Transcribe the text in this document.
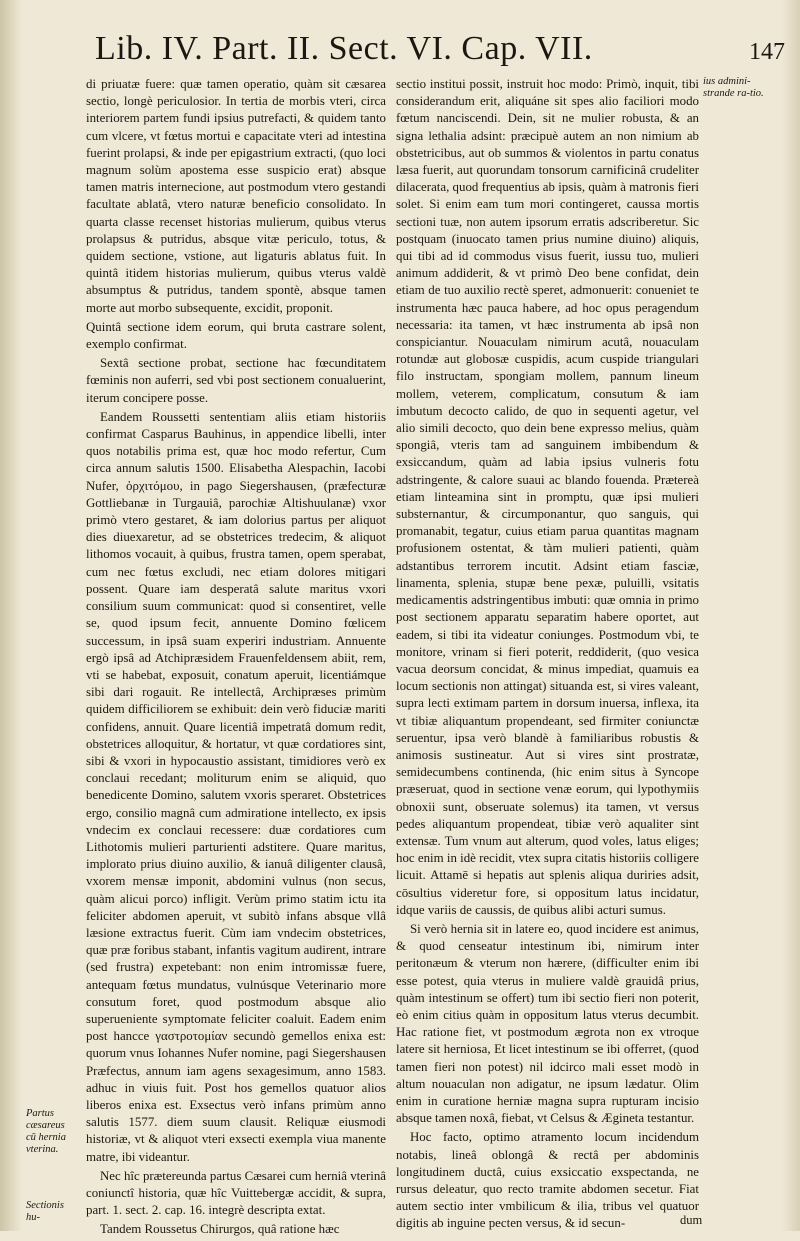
Lib. IV. Part. II. Sect. VI. Cap. VII.	147

di priuatæ fuere: quæ tamen operatio, quàm sit cæsarea sectio, longè periculosior. In tertia de morbis vteri, circa interiorem partem fundi ipsius putrefacti, & quidem tanto cum vlcere, vt fœtus mortui e capacitate vteri ad intestina fuerint prolapsi, & inde per epigastrium extracti, (quo loci magnum solùm apostema esse suspicio erat) absque tamen matris internecione, aut postmodum vtero gestandi facultate ablatâ, vtero naturæ beneficio consolidato. In quarta classe recenset historias mulierum, quibus vterus prolapsus & putridus, absque vitæ periculo, totus, & quidem sectione, vstione, aut ligaturis ablatus fuit. In quintâ itidem historias mulierum, quibus vterus valdè absumptus & putridus, tandem spontè, absque tamen morte aut morbo subsequente, excidit, proponit.

Quintâ sectione idem eorum, qui bruta castrare solent, exemplo confirmat.

Sextâ sectione probat, sectione hac fœcunditatem fœminis non auferri, sed vbi post sectionem conualuerint, iterum concipere posse.

Eandem Roussetti sententiam aliis etiam historiis confirmat Casparus Bauhinus, in appendice libelli, inter quos notabilis prima est, quæ hoc modo refertur, Cum circa annum salutis 1500. Elisabetha Alespachin, Iacobi Nufer, ὀρχιτόμου, in pago Siegershausen, (præfecturæ Gottliebanæ in Turgauiâ, parochiæ Altishuulanæ) vxor primò vtero gestaret, & iam dolorius partus per aliquot dies diuexaretur, ad se obstetrices tredecim, & aliquot lithomos vocauit, à quibus, frustra tamen, opem sperabat, cum nec fœtus excludi, nec etiam dolores mitigari possent. Quare iam desperatâ salute maritus vxori consilium suum communicat: quod si consentiret, velle se, quod ipsum fecit, annuente Domino fœlicem successum, in ipsâ suam experiri industriam. Annuente ergò ipsâ ad Atchipræsidem Frauenfeldensem abiit, rem, vti se habebat, exposuit, conatum aperuit, licentiámque sibi dari rogauit. Re intellectâ, Archipræses primùm quidem difficiliorem se exhibuit: dein verò fiduciæ mariti confidens, annuit. Quare licentiâ impetratâ domum redit, obstetrices alloquitur, & hortatur, vt quæ cordatiores sint, sibi & vxori in hypocaustio assistant, timidiores verò ex conclaui recedant; moliturum enim se aliquid, quo benedicente Domino, salutem vxoris speraret. Obstetrices ergo, consilio magnâ cum admiratione intellecto, ex ipsis vndecim ex conclaui recessere: duæ cordatiores cum Lithotomis mulieri parturienti adstitere. Quare maritus, implorato prius diuino auxilio, & ianuâ diligenter clausâ, vxorem mensæ imponit, abdomini vulnus (non secus, quàm alicui porco) infligit. Verùm primo statim ictu ita feliciter abdomen aperuit, vt subitò infans absque vllâ læsione extractus fuerit. Cùm iam vndecim obstetrices, quæ præ foribus stabant, infantis vagitum audirent, intrare (sed frustra) expetebant: non enim intromissæ fuere, antequam fœtus mundatus, vulnúsque Veterinario more consutum foret, quod postmodum absque alio superueniente symptomate feliciter coaluit. Eadem enim post hancce γαστροτομίαν secundò gemellos enixa est: quorum vnus Iohannes Nufer nomine, pagi Siegershausen Præfectus, annum iam agens sexagesimum, anno 1583. adhuc in viuis fuit. Post hos gemellos quatuor alios liberos enixa est. Exsectus verò infans primùm anno salutis 1577. diem suum clausit. Reliquæ eiusmodi historiæ, vt & aliquot vteri exsecti exempla viua manente matre, ibi videantur.

Nec hîc prætereunda partus Cæsarei cum herniâ vterinâ coniunctî historia, quæ hîc Vuittebergæ accidit, & supra, part. 1. sect. 2. cap. 16. integrè descripta extat.

Tandem Roussetus Chirurgos, quâ ratione hæc

sectio institui possit, instruit hoc modo: Primò, inquit, tibi considerandum erit, aliquáne sit spes alio faciliori modo fœtum nanciscendi. Dein, sit ne mulier robusta, & an signa lethalia adsint: præcipuè autem an non nimium ab obstetricibus, aut ob summos & violentos in partu conatus læsa fuerit, aut quorundam tonsorum carnificinâ crudeliter dilacerata, quod frequentius ab ipsis, quàm à matronis fieri solet. Si enim eam tum mori contingeret, caussa mortis sectioni tuæ, non autem ipsorum erratis adscriberetur. Sic postquam (inuocato tamen prius numine diuino) aliquis, qui tibi ad id commodus visus fuerit, iussu tuo, mulieri animum addiderit, & vt primò Deo bene confidat, dein etiam de tuo auxilio rectè speret, admonuerit: conueniet te instrumenta hæc pauca habere, ad hoc opus peragendum necessaria: ita tamen, vt hæc instrumenta ab ipsâ non conspiciantur. Nouaculam nimirum acutâ, nouaculam rotundæ aut globosæ cuspidis, acum cuspide triangulari filo instructam, spongiam mollem, pannum lineum mollem, veterem, complicatum, consutum & iam imbutum decocto calido, de quo in sequenti agetur, vel alio simili decocto, quo dein bene expresso melius, quàm spongiâ, vteris tam ad sanguinem imbibendum & exsiccandum, quàm ad labia ipsius vulneris fotu adstringente, & calore suaui ac blando fouenda. Prætereà etiam linteamina sint in promptu, quæ ipsi mulieri substernantur, & circumponantur, quo sanguis, qui promanabit, tegatur, cuius etiam parua quantitas magnam profusionem ostentat, & tàm mulieri patienti, quàm adstantibus terrorem incutit. Adsint etiam fasciæ, linamenta, splenia, stupæ bene pexæ, puluilli, vsitatis medicamentis adstringentibus imbuti: quæ omnia in primo post sectionem apparatu separatim habere oportet, aut eadem, si tibi ita videatur coniunges. Postmodum vbi, te monitore, vrinam si fieri poterit, reddiderit, (quo vesica vacua deorsum concidat, & minus impediat, quamuis ea locum sectionis non attingat) situanda est, si vires valeant, supra lecti extimam partem in dorsum inuersa, inflexa, ita vt tibiæ aliquantum propendeant, sed firmiter coniunctæ seruentur, ipsa verò blandè à familiaribus robustis & animosis sustineatur. Aut si vires sint prostratæ, semidecumbens continenda, (hic enim situs à Syncope præseruat, quod in sectione venæ eorum, qui lypothymiis obnoxii sunt, obseruate solemus) ita tamen, vt versus pedes aliquantum propendeat, tibiæ verò aqualiter sint extensæ. Tum vnum aut alterum, quod voles, latus eliges; hoc enim in idè recidit, vtex supra citatis historiis colligere licuit. Attamē si hepatis aut splenis aliqua duriries adsit, cōsultius videretur fore, si oppositum latus incidatur, idque variis de caussis, de quibus alibi acturi sumus.

Si verò hernia sit in latere eo, quod incidere est animus, & quod censeatur intestinum ibi, nimirum inter peritonæum & vterum non hærere, (difficulter enim ibi esse potest, quia vterus in muliere valdè grauidâ prius, quàm intestinum se offert) tum ibi sectio fieri non poterit, eò enim citius quàm in oppositum latus vterus decumbit. Hac ratione fiet, vt postmodum ægrota non ex vtroque latere sit herniosa, Et licet intestinum se ibi offerret, (quod tamen fieri non potest) nil idcirco mali esset modò in altum nouaculan non adigatur, ne ipsum lædatur. Olim enim in curatione herniæ magna supra rupturam incisio absque tamen noxâ, fiebat, vt Celsus & Ægineta testantur.

Hoc facto, optimo atramento locum incidendum notabis, lineâ oblongâ & rectâ per abdominis longitudinem ductâ, cuius exsiccatio exspectanda, ne rursus deleatur, quo recto tramite abdomen secetur. Fiat autem sectio inter vmbilicum & ilia, tribus vel quatuor digitis ab inguine pecten versus, & id secun-

ius admini-strande ra-tio.
Partus cæsareus cū hernia vterina.
Sectionis hu-	dum
